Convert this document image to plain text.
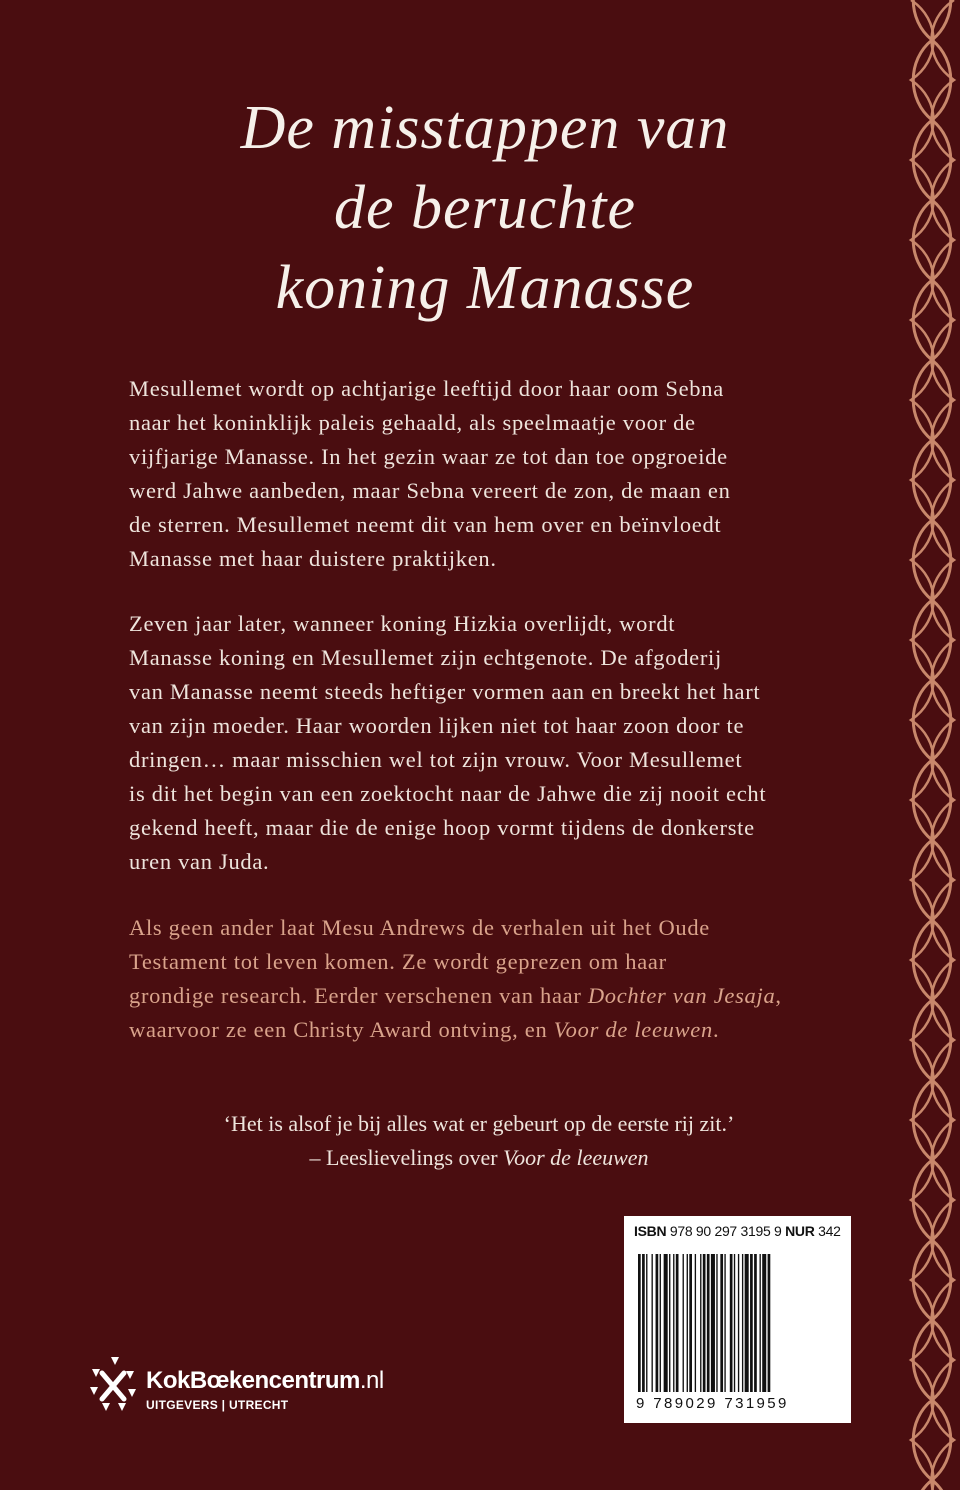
De misstappen van
de beruchte
koning Manasse
Mesullemet wordt op achtjarige leeftijd door haar oom Sebna
naar het koninklijk paleis gehaald, als speelmaatje voor de
vijfjarige Manasse. In het gezin waar ze tot dan toe opgroeide
werd Jahwe aanbeden, maar Sebna vereert de zon, de maan en
de sterren. Mesullemet neemt dit van hem over en beïnvloedt
Manasse met haar duistere praktijken.
Zeven jaar later, wanneer koning Hizkia overlijdt, wordt
Manasse koning en Mesullemet zijn echtgenote. De afgoderij
van Manasse neemt steeds heftiger vormen aan en breekt het hart
van zijn moeder. Haar woorden lijken niet tot haar zoon door te
dringen… maar misschien wel tot zijn vrouw. Voor Mesullemet
is dit het begin van een zoektocht naar de Jahwe die zij nooit echt
gekend heeft, maar die de enige hoop vormt tijdens de donkerste
uren van Juda.
Als geen ander laat Mesu Andrews de verhalen uit het Oude
Testament tot leven komen. Ze wordt geprezen om haar
grondige research. Eerder verschenen van haar Dochter van Jesaja,
waarvoor ze een Christy Award ontving, en Voor de leeuwen.
‘Het is alsof je bij alles wat er gebeurt op de eerste rij zit.’
– Leeslievelings over Voor de leeuwen
KokBœkencentrum.nl
UITGEVERS | UTRECHT
ISBN 978 90 297 3195 9 NUR 342
9 789029 731959
